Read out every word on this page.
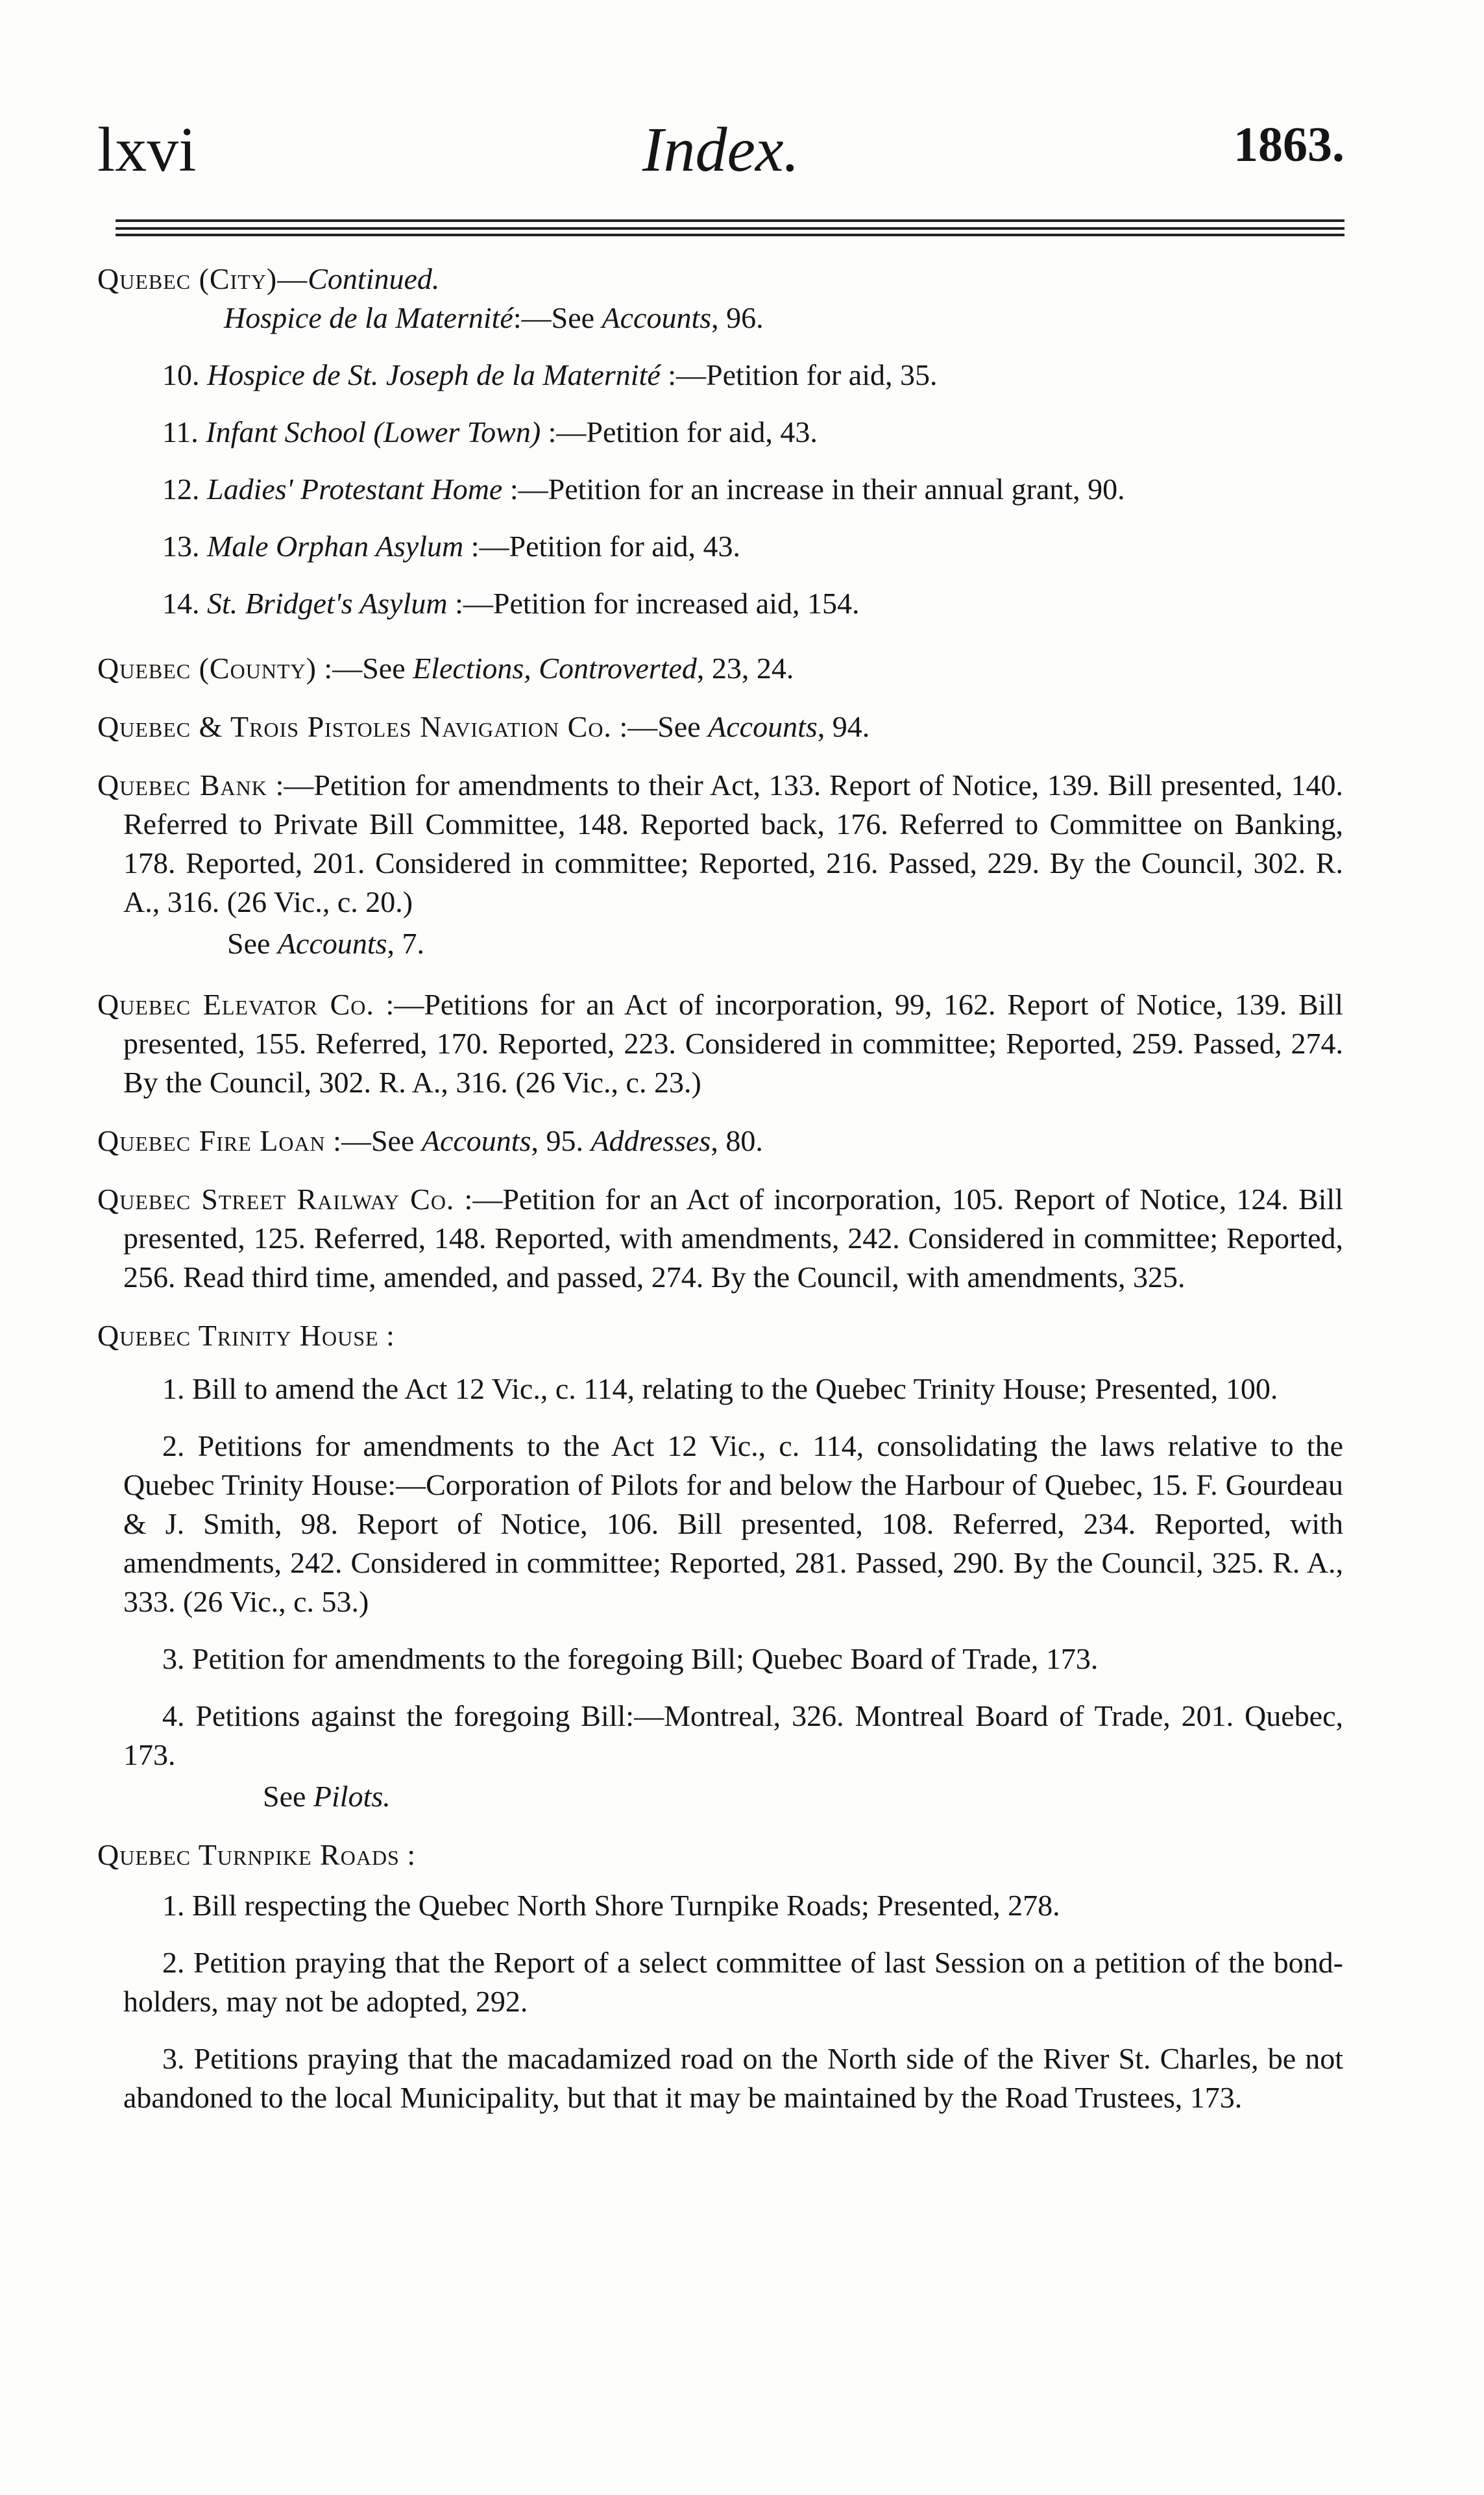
lxvi	Index.	1863.

Quebec (City)—Continued.

Hospice de la Maternité:—See Accounts, 96.

10. Hospice de St. Joseph de la Maternité :—Petition for aid, 35.

11. Infant School (Lower Town) :—Petition for aid, 43.

12. Ladies' Protestant Home :—Petition for an increase in their annual grant, 90.

13. Male Orphan Asylum :—Petition for aid, 43.

14. St. Bridget's Asylum :—Petition for increased aid, 154.

Quebec (County) :—See Elections, Controverted, 23, 24.

Quebec & Trois Pistoles Navigation Co. :—See Accounts, 94.

Quebec Bank :—Petition for amendments to their Act, 133. Report of Notice, 139. Bill presented, 140. Referred to Private Bill Committee, 148. Reported back, 176. Referred to Committee on Banking, 178. Reported, 201. Considered in committee; Reported, 216. Passed, 229. By the Council, 302. R. A., 316. (26 Vic., c. 20.)

See Accounts, 7.

Quebec Elevator Co. :—Petitions for an Act of incorporation, 99, 162. Report of Notice, 139. Bill presented, 155. Referred, 170. Reported, 223. Considered in committee; Reported, 259. Passed, 274. By the Council, 302. R. A., 316. (26 Vic., c. 23.)

Quebec Fire Loan :—See Accounts, 95. Addresses, 80.

Quebec Street Railway Co. :—Petition for an Act of incorporation, 105. Report of Notice, 124. Bill presented, 125. Referred, 148. Reported, with amendments, 242. Considered in committee; Reported, 256. Read third time, amended, and passed, 274. By the Council, with amendments, 325.

Quebec Trinity House :

1. Bill to amend the Act 12 Vic., c. 114, relating to the Quebec Trinity House; Presented, 100.

2. Petitions for amendments to the Act 12 Vic., c. 114, consolidating the laws relative to the Quebec Trinity House:—Corporation of Pilots for and below the Harbour of Quebec, 15. F. Gourdeau & J. Smith, 98. Report of Notice, 106. Bill presented, 108. Referred, 234. Reported, with amendments, 242. Considered in committee; Reported, 281. Passed, 290. By the Council, 325. R. A., 333. (26 Vic., c. 53.)

3. Petition for amendments to the foregoing Bill; Quebec Board of Trade, 173.

4. Petitions against the foregoing Bill:—Montreal, 326. Montreal Board of Trade, 201. Quebec, 173.

See Pilots.

Quebec Turnpike Roads :

1. Bill respecting the Quebec North Shore Turnpike Roads; Presented, 278.

2. Petition praying that the Report of a select committee of last Session on a petition of the bond-holders, may not be adopted, 292.

3. Petitions praying that the macadamized road on the North side of the River St. Charles, be not abandoned to the local Municipality, but that it may be maintained by the Road Trustees, 173.
